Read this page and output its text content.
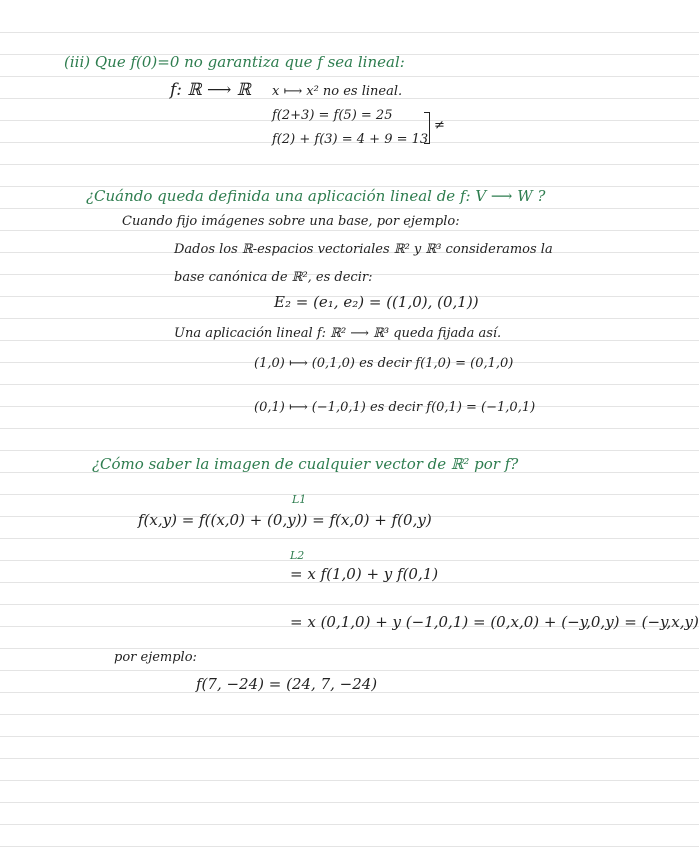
(iii) Que f(0)=0 no garantiza que f sea lineal:
f: ℝ ⟶ ℝ x ⟼ x² no es lineal.
f(2+3) = f(5) = 25
f(2) + f(3) = 4 + 9 = 13
≠
¿Cuándo queda definida una aplicación lineal de f: V ⟶ W ?
Cuando fijo imágenes sobre una base, por ejemplo:
Dados los ℝ-espacios vectoriales ℝ² y ℝ³ consideramos la
base canónica de ℝ², es decir:
E₂ = (e₁, e₂) = ((1,0), (0,1))
Una aplicación lineal f: ℝ² ⟶ ℝ³ queda fijada así.
(1,0) ⟼ (0,1,0) es decir f(1,0) = (0,1,0)
(0,1) ⟼ (−1,0,1) es decir f(0,1) = (−1,0,1)
¿Cómo saber la imagen de cualquier vector de ℝ² por f?
L1
f(x,y) = f((x,0) + (0,y)) = f(x,0) + f(0,y)
L2
= x f(1,0) + y f(0,1)
= x (0,1,0) + y (−1,0,1) = (0,x,0) + (−y,0,y) = (−y,x,y)
por ejemplo:
f(7, −24) = (24, 7, −24)
